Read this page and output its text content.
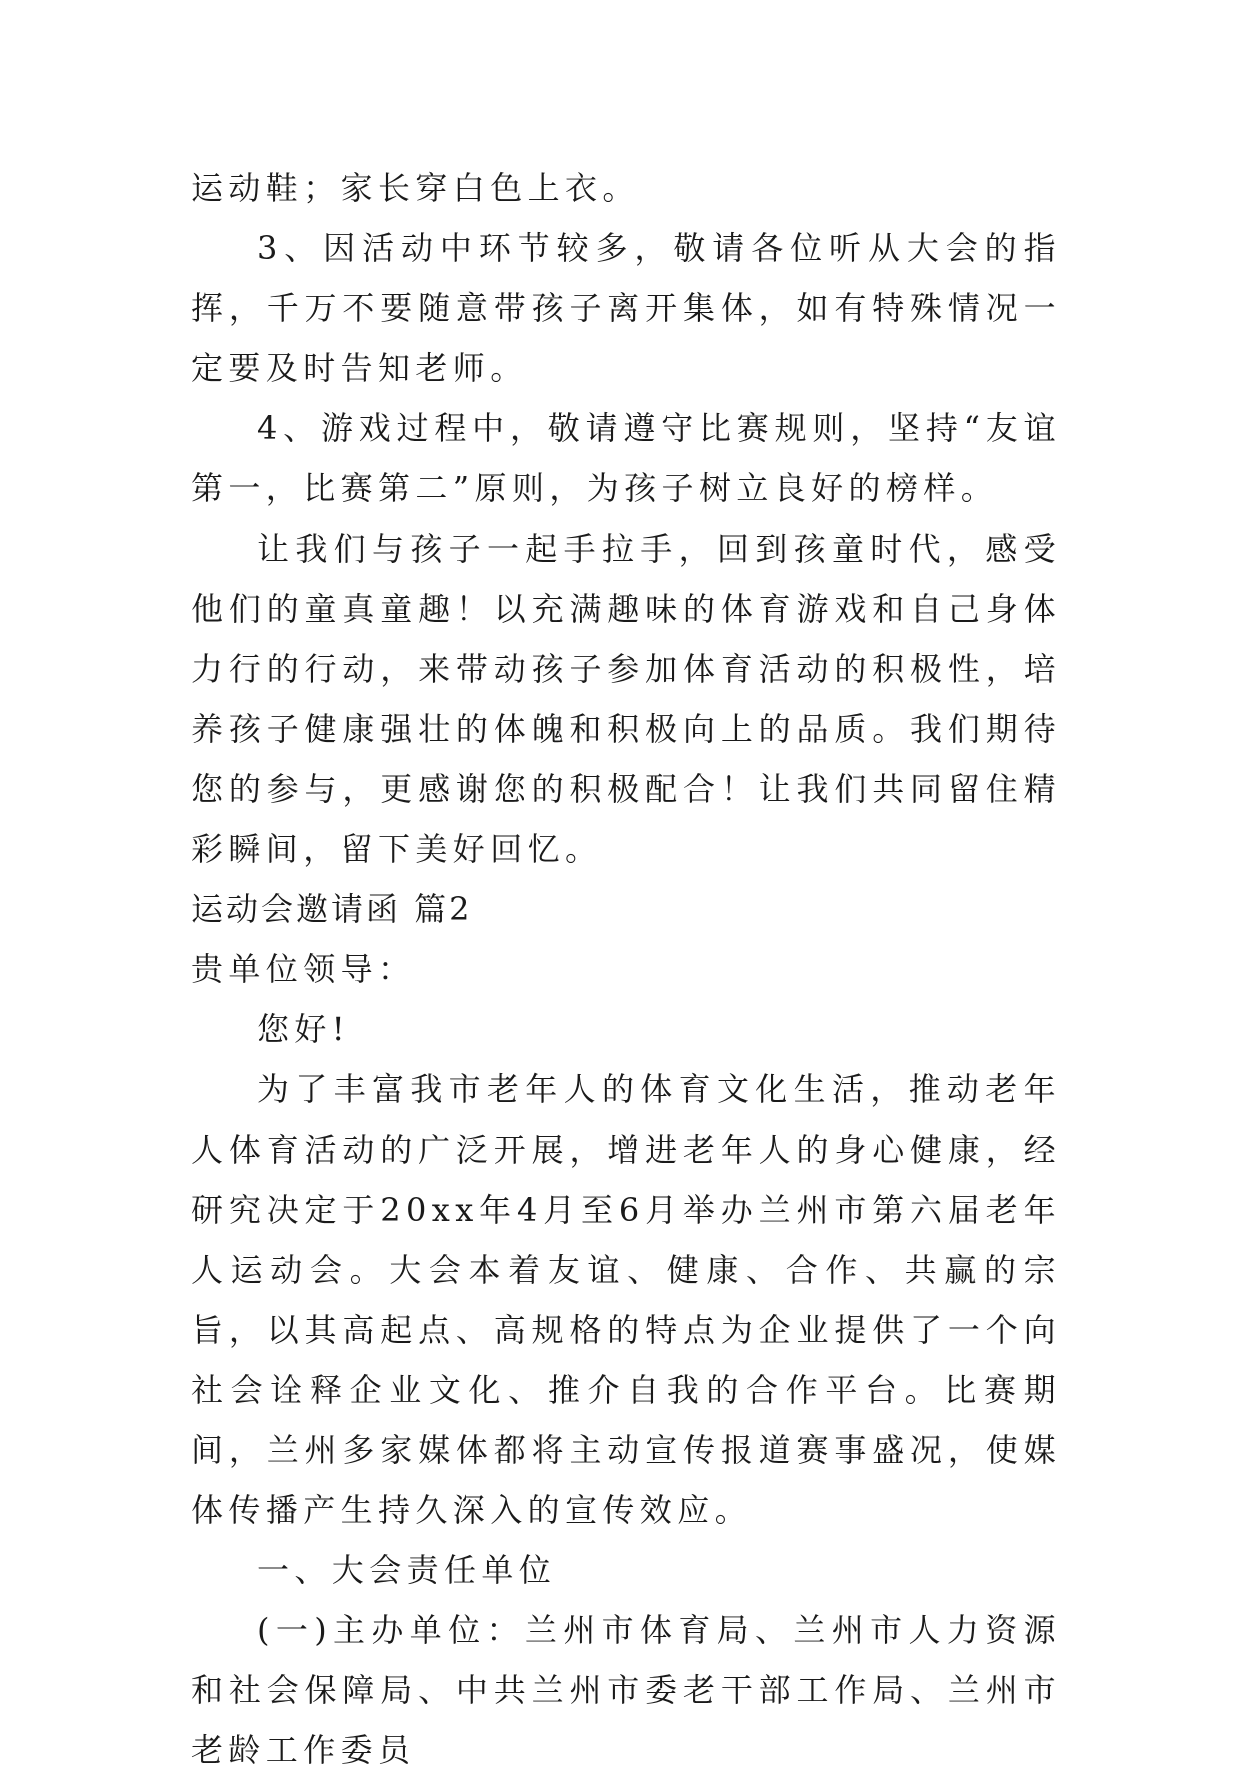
运动鞋；家长穿白色上衣。

3、因活动中环节较多，敬请各位听从大会的指挥，千万不要随意带孩子离开集体，如有特殊情况一定要及时告知老师。

4、游戏过程中，敬请遵守比赛规则，坚持“友谊第一，比赛第二”原则，为孩子树立良好的榜样。

让我们与孩子一起手拉手，回到孩童时代，感受他们的童真童趣！以充满趣味的体育游戏和自己身体力行的行动，来带动孩子参加体育活动的积极性，培养孩子健康强壮的体魄和积极向上的品质。我们期待您的参与，更感谢您的积极配合！让我们共同留住精彩瞬间，留下美好回忆。

运动会邀请函 篇2

贵单位领导：

您好!

为了丰富我市老年人的体育文化生活，推动老年人体育活动的广泛开展，增进老年人的身心健康，经研究决定于20xx年4月至6月举办兰州市第六届老年人运动会。大会本着友谊、健康、合作、共赢的宗旨，以其高起点、高规格的特点为企业提供了一个向社会诠释企业文化、推介自我的合作平台。比赛期间，兰州多家媒体都将主动宣传报道赛事盛况，使媒体传播产生持久深入的宣传效应。

一、大会责任单位

(一)主办单位：兰州市体育局、兰州市人力资源和社会保障局、中共兰州市委老干部工作局、兰州市老龄工作委员
